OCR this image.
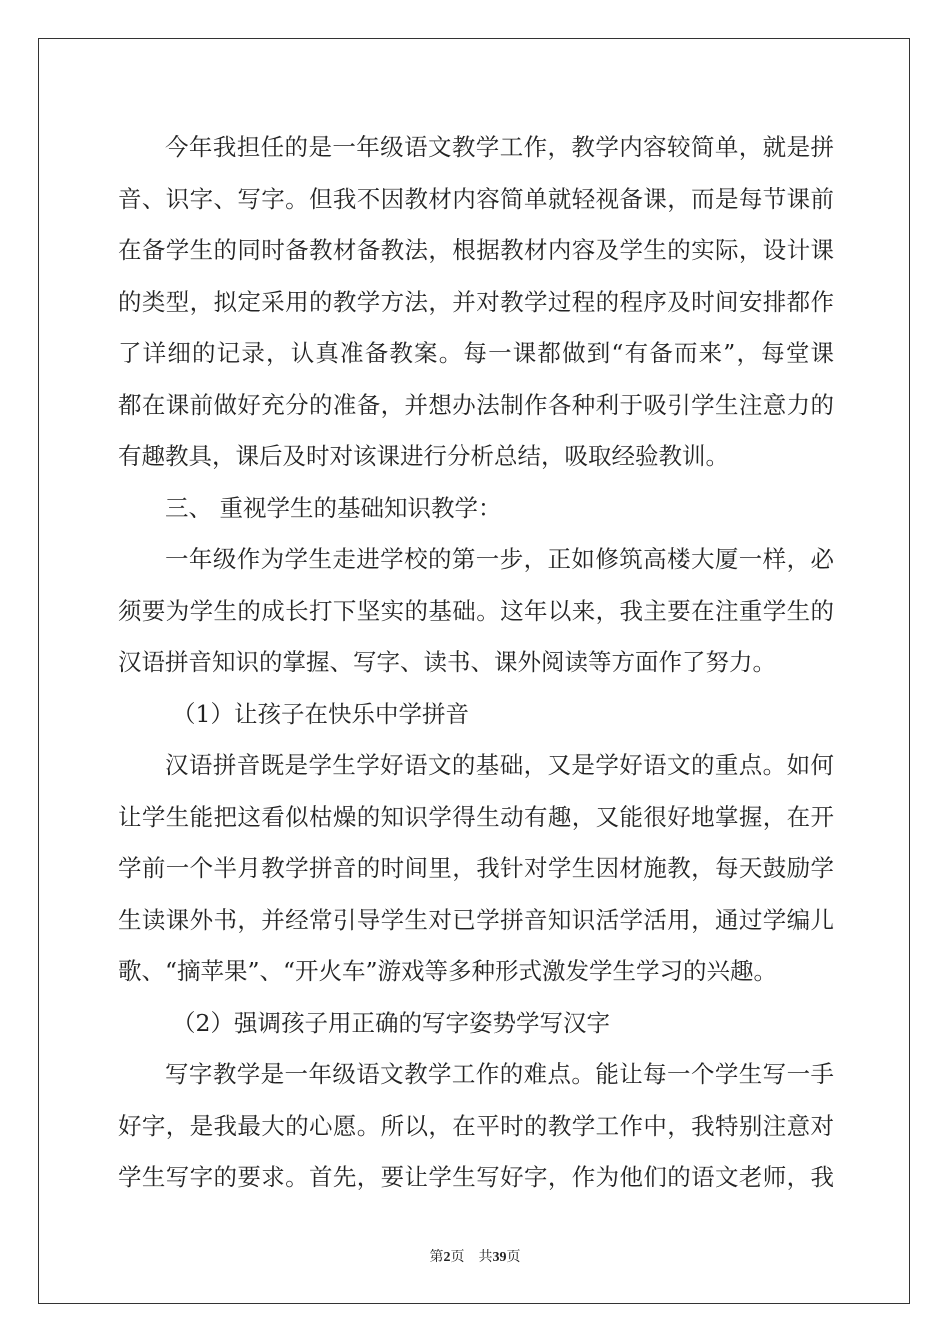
今年我担任的是一年级语文教学工作，教学内容较简单，就是拼
音、识字、写字。但我不因教材内容简单就轻视备课，而是每节课前
在备学生的同时备教材备教法，根据教材内容及学生的实际，设计课
的类型，拟定采用的教学方法，并对教学过程的程序及时间安排都作
了详细的记录，认真准备教案。每一课都做到“有备而来”，每堂课
都在课前做好充分的准备，并想办法制作各种利于吸引学生注意力的
有趣教具，课后及时对该课进行分析总结，吸取经验教训。
三、 重视学生的基础知识教学：
一年级作为学生走进学校的第一步，正如修筑高楼大厦一样，必
须要为学生的成长打下坚实的基础。这年以来，我主要在注重学生的
汉语拼音知识的掌握、写字、读书、课外阅读等方面作了努力。
（1）让孩子在快乐中学拼音
汉语拼音既是学生学好语文的基础，又是学好语文的重点。如何
让学生能把这看似枯燥的知识学得生动有趣，又能很好地掌握，在开
学前一个半月教学拼音的时间里，我针对学生因材施教，每天鼓励学
生读课外书，并经常引导学生对已学拼音知识活学活用，通过学编儿
歌、“摘苹果”、“开火车”游戏等多种形式激发学生学习的兴趣。
（2）强调孩子用正确的写字姿势学写汉字
写字教学是一年级语文教学工作的难点。能让每一个学生写一手
好字，是我最大的心愿。所以，在平时的教学工作中，我特别注意对
学生写字的要求。首先，要让学生写好字，作为他们的语文老师，我
第2页 共39页
